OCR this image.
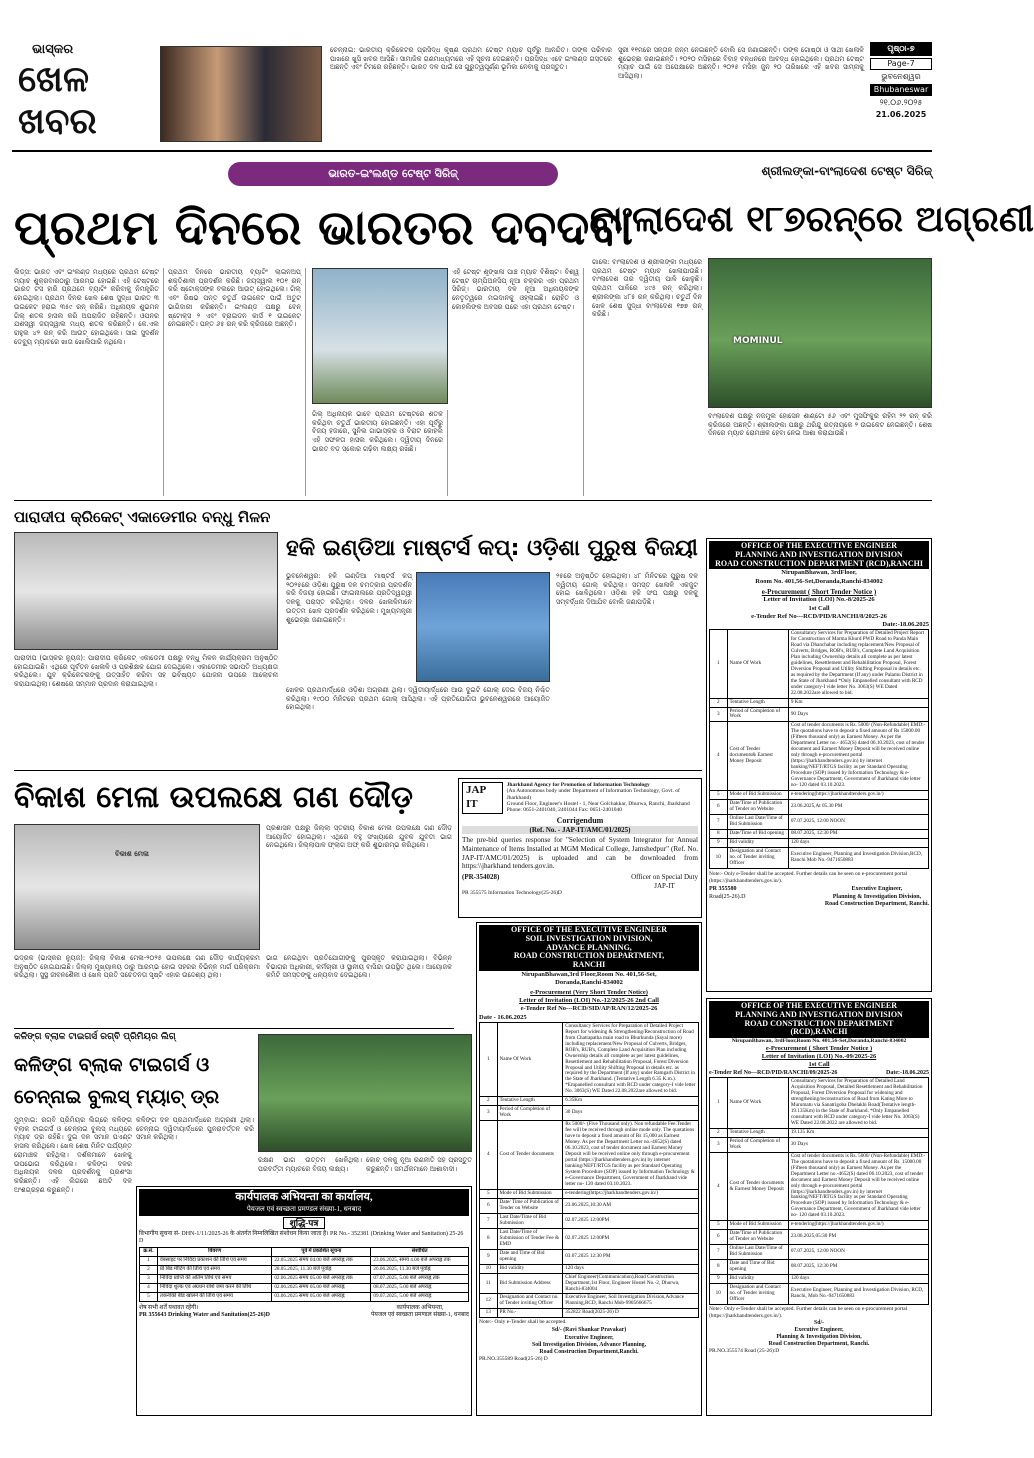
ଭାସ୍କର
ଖେଳ
ଖବର
ଚେନ୍ନାଇ: ଭାରତୀୟ କ୍ରିକେଟର ପ୍ରସିଦ୍ଧ କୃଷ୍ଣ ପ୍ରଥମ ଟେଷ୍ଟ ମ୍ୟାଚ ପୂର୍ବରୁ ଆନନ୍ଦିତ। ତାଙ୍କ ପରିବାର ପାଖରେ ଖୁସି ଖବର ଆସିଛି। ସାମାଜିକ ଗଣମାଧ୍ୟମରେ ଏହି ସୂଚନା ଦେଇଛନ୍ତି। ପ୍ରସିଦ୍ଧ ଏବେ ଇଂଲଣ୍ଡ ଗସ୍ତରେ ଅଛନ୍ତି ଏବଂ ଟିମରେ ରହିଛନ୍ତି। ଭାରତ ଦଳ ପାଇଁ ସେ ଗୁରୁତ୍ୱପୂର୍ଣ୍ଣ ଭୂମିକା ନେବାକୁ ପ୍ରସ୍ତୁତ।
ସ୍ତ୍ରୀ ୧୧ମରେ ସନ୍ତାନ ଜନ୍ମ ନେଇଛନ୍ତି ବୋଲି ସେ ଜଣାଇଛନ୍ତି। ତାଙ୍କ ଗୋଷ୍ଠୀ ଓ ସାଥୀ ଖେଳାଳି ଶୁଭେଚ୍ଛା ଜଣାଇଛନ୍ତି। ୨୦୨୦ ମସିହାରେ ବିବାହ ବନ୍ଧନରେ ଆବଦ୍ଧ ହୋଇଥିଲେ। ପ୍ରଥମ ଟେଷ୍ଟ ମ୍ୟାଚ ପାଇଁ ସେ ଅପେକ୍ଷାରେ ଅଛନ୍ତି। ୨୦୨୫ ମସିହା ଜୁନ ୨୦ ତାରିଖରେ ଏହି ଖବର ସାମ୍ନାକୁ ଆସିଥିଲା।
ପୃଷ୍ଠା-୭
Page-7
ଭୁବନେଶ୍ୱର
Bhubaneswar
୨୧.୦୬.୨୦୨୫
21.06.2025
ଭାରତ-ଇଂଲଣ୍ଡ ଟେଷ୍ଟ ସିରିଜ୍
ପ୍ରଥମ ଦିନରେ ଭାରତର ଦବଦବା
ଲିଡ୍ସ: ଭାରତ ଏବଂ ଇଂଲଣ୍ଡ ମଧ୍ୟରେ ପ୍ରଥମ ଟେଷ୍ଟ ମ୍ୟାଚ ଶୁକ୍ରବାରଠାରୁ ଆରମ୍ଭ ହୋଇଛି। ଏହି ଟେଷ୍ଟରେ ଭାରତ ଟସ ହାରି ପ୍ରଥମେ ବ୍ୟାଟିଂ କରିବାକୁ ନିମନ୍ତ୍ରିତ ହୋଇଥିଲା। ପ୍ରଥମ ଦିନର ଖେଳ ଶେଷ ସୁଦ୍ଧା ଭାରତ ୩ ଉଇକେଟ ହରାଇ ୩୫୯ ରନ୍ କରିଛି। ଅଧିନାୟକ ଶୁଭମନ ଗିଲ୍ ଶତକ ହାସଲ କରି ଅପରାଜିତ ରହିଛନ୍ତି। ଓପନର ଯଶସ୍ୱୀ ଜୟସ୍ୱାଲ ମଧ୍ୟ ଶତକ କରିଛନ୍ତି। କେ.ଏଲ ରାହୁଲ ୪୨ ରନ୍ କରି ଆଉଟ୍ ହୋଇଥିଲେ। ସାଇ ସୁଦର୍ଶନ ଡେବ୍ୟୁ ମ୍ୟାଚରେ ଖାତା ଖୋଲିପାରି ନଥିଲେ।
ପ୍ରଥମ ଦିନରେ ଭାରତୀୟ ବ୍ୟାଟିଂ ଲାଇନଅପ୍ ଶକ୍ତିଶାଳୀ ପ୍ରଦର୍ଶନ କରିଛି। ଜୟସ୍ୱାଲ ୧୦୧ ରନ୍ କରି ଷ୍ଟୋକ୍ସଙ୍କ ବଲରେ ଆଉଟ୍ ହୋଇଥିଲେ। ଗିଲ୍ ଏବଂ ରିଷଭ ପନ୍ତ ଚତୁର୍ଥ ଉଇକେଟ ପାଇଁ ଅତୁଟ ଭାଗିଦାରୀ କରିଛନ୍ତି। ଇଂଲଣ୍ଡ ପକ୍ଷରୁ ବେନ୍ ଷ୍ଟୋକ୍ସ ୨ ଏବଂ ବ୍ରାଇଡନ କାର୍ସ ୧ ଉଇକେଟ ନେଇଛନ୍ତି। ପନ୍ତ ୬୫ ରନ୍ କରି କ୍ରିଜରେ ଅଛନ୍ତି।
ଗିଲ୍ ଅଧିନାୟକ ଭାବେ ପ୍ରଥମ ଟେଷ୍ଟରେ ଶତକ କରିଥିବା ଚତୁର୍ଥ ଭାରତୀୟ ହୋଇଛନ୍ତି। ଏହା ପୂର୍ବରୁ ବିଜୟ ହଜାରେ, ସୁନିଲ ଗାଭାସ୍କର ଓ ବିରାଟ କୋହଲି ଏହି ସଫଳତା ହାସଲ କରିଥିଲେ। ଦ୍ୱିତୀୟ ଦିନରେ ଭାରତ ବଡ଼ ସ୍କୋର ଗଢ଼ିବା ଲକ୍ଷ୍ୟ ରଖିଛି।
ଏହି ଟେଷ୍ଟ ଶୃଙ୍ଖଳା ପାଞ୍ଚ ମ୍ୟାଚ ବିଶିଷ୍ଟ। ବିଶ୍ୱ ଟେଷ୍ଟ ଚାମ୍ପିଅନସିପ୍ ନୂଆ ଚକ୍ରର ଏହା ପ୍ରଥମ ସିରିଜ୍। ଭାରତୀୟ ଦଳ ନୂଆ ଅଧିନାୟକଙ୍କ ନେତୃତ୍ୱରେ ମଇଦାନକୁ ଓହ୍ଲାଇଛି। ରୋହିତ ଓ କୋହଲିଙ୍କ ଅବସର ପରେ ଏହା ପ୍ରଥମ ଟେଷ୍ଟ।
ଶ୍ରୀଲଙ୍କା-ବାଂଲାଦେଶ ଟେଷ୍ଟ ସିରିଜ୍
ବାଂଲାଦେଶ ୧୮୭ରନ୍‌ରେ ଅଗ୍ରଣୀ
ଗାଲେ: ବାଂଲାଦେଶ ଓ ଶ୍ରୀଲଙ୍କା ମଧ୍ୟରେ ପ୍ରଥମ ଟେଷ୍ଟ ମ୍ୟାଚ ଖେଳାଯାଉଛି। ବାଂଲାଦେଶ ତାର ଦ୍ୱିତୀୟ ପାଳି ଖେଳୁଛି। ପ୍ରଥମ ପାଳିରେ ୪୯୫ ରନ୍ କରିଥିଲା। ଶ୍ରୀଲଙ୍କା ୪୮୫ ରନ୍ କରିଥିଲା। ଚତୁର୍ଥ ଦିନ ଖେଳ ଶେଷ ସୁଦ୍ଧା ବାଂଲାଦେଶ ୧୭୭ ରନ୍ କରିଛି।
MOMINUL
ବାଂଲାଦେଶ ପକ୍ଷରୁ ନଜମୁଲ ହୋସେନ ଶାଣ୍ଟୋ ୫୬ ଏବଂ ମୁସଫିକୁର ରହିମ ୨୨ ରନ୍ କରି କ୍ରିଜରେ ଅଛନ୍ତି। ଶ୍ରୀଲଙ୍କା ପକ୍ଷରୁ ଥରିନ୍ଦୁ ରତ୍ନାୟକେ ୨ ଉଇକେଟ ନେଇଛନ୍ତି। ଶେଷ ଦିନରେ ମ୍ୟାଚ ରୋମାଞ୍ଚକ ହେବା ନେଇ ଆଶା କରାଯାଉଛି।
ପାରାଦୀପ କ୍ରିକେଟ୍ ଏକାଡେମୀର ବନ୍ଧୁ ମିଳନ
ପାରାଦୀପ (ଭାସ୍କର ନ୍ୟୁଜ): ପାରାଦୀପ କ୍ରିକେଟ୍ ଏକାଡେମୀ ପକ୍ଷରୁ ବନ୍ଧୁ ମିଳନ କାର୍ଯ୍ୟକ୍ରମ ଅନୁଷ୍ଠିତ ହୋଇଯାଇଛି। ଏଥିରେ ପୂର୍ବତନ ଖେଳାଳି ଓ ପ୍ରଶିକ୍ଷକ ଯୋଗ ଦେଇଥିଲେ। ଏକାଡେମୀର ସଭାପତି ଅଧ୍ୟକ୍ଷତା କରିଥିଲେ। ଯୁବ କ୍ରିକେଟରଙ୍କୁ ଉତ୍ସାହିତ କରିବା ସହ ଭବିଷ୍ୟତ ଯୋଜନା ଉପରେ ଆଲୋଚନା କରାଯାଇଥିଲା। ଶେଷରେ ସମ୍ମାନ ପ୍ରଦାନ କରାଯାଇଥିଲା।
ହକି ଇଣ୍ଡିଆ ମାଷ୍ଟର୍ସ କପ୍: ଓଡ଼ିଶା ପୁରୁଷ ବିଜୟୀ
ଭୁବନେଶ୍ୱର: ହକି ଇଣ୍ଡିଆ ମାଷ୍ଟର୍ସ କପ୍ ୨୦୨୫ରେ ଓଡ଼ିଶା ପୁରୁଷ ଦଳ ଚମତ୍କାର ପ୍ରଦର୍ଶନ କରି ବିଜୟୀ ହୋଇଛି। ଫାଇନାଲରେ ପ୍ରତିଦ୍ୱନ୍ଦ୍ୱୀ ଦଳକୁ ପରାସ୍ତ କରିଥିଲା। ଦଳର ଖେଳାଳିମାନେ ଉତ୍ତମ ଖେଳ ପ୍ରଦର୍ଶନ କରିଥିଲେ। ମୁଖ୍ୟମନ୍ତ୍ରୀ ଶୁଭେଚ୍ଛା ଜଣାଇଛନ୍ତି।
ଖେଳର ପ୍ରଥମାର୍ଦ୍ଧରେ ଓଡ଼ିଶା ଅଗ୍ରଣୀ ଥିଲା। ଦ୍ୱିତୀୟାର୍ଦ୍ଧରେ ଆଉ ଦୁଇଟି ଗୋଲ୍ ଦେଇ ବିଜୟ ନିଶ୍ଚିତ କରିଥିଲା। ୧୯୦୦ ମିନିଟରେ ପ୍ରଥମ ଗୋଲ୍ ଆସିଥିଲା। ଏହି ପ୍ରତିଯୋଗିତା ଭୁବନେଶ୍ୱରରେ ଆୟୋଜିତ ହୋଇଥିଲା।
୨୫ରେ ଅନୁଷ୍ଠିତ ହୋଇଥିଲା। ୪୮ ମିନିଟରେ ପୁରୁଷ ଦଳ ଦ୍ୱିତୀୟ ଗୋଲ୍ କରିଥିଲା। ସମସ୍ତ ଖେଳାଳି ଏକଜୁଟ ହୋଇ ଖେଳିଥିଲେ। ଓଡ଼ିଶା ହକି ସଂଘ ପକ୍ଷରୁ ଦଳକୁ ସମ୍ବର୍ଦ୍ଧନା ଦିଆଯିବ ବୋଲି ଜଣାପଡ଼ିଛି।
OFFICE OF THE EXECUTIVE ENGINEER
PLANNING AND INVESTIGATION DIVISION
ROAD CONSTRUCTION DEPARTMENT (RCD),RANCHI
NirupanBhawan, 3rdFloor,
Room No. 401,56-Set,Doranda,Ranchi-834002
e-Procurement ( Short Tender Notice )
Letter of Invitation (LOI) No.-8/2025-26
1st Call
e-Tender Ref No---RCD/PID/RANCHI/8/2025-26
Date:-18.06.2025
1	Name Of Work	Consultancy Services for Preparation of Detailed Project Report for Construction of Marma Khurd PWD Road to Panda Main Road via Dhanchabar including replacement/New Proposal of Culverts, Bridges, ROB's, RUB's, Complete Land Acquisition Plan including Ownership details all complete as per latest guidelines, Resettlement and Rehabilitation Proposal, Forest Diversion Proposal and Utility Shifting Proposal in details etc. as required by the Department (If any) under Palamu District in the State of Jharkhand *Only Empanelled consultant with RCD under category-I vide letter No. 3063(S) WE Dated 22.08.2022are allowed to bid.
2	Tentative Length	9 Km
3	Period of Completion of Work	90 Days
4	Cost of Tender documents& Earnest Money Deposit	Cost of tender documents is Rs. 5000/ (Non-Refundable) EMD:- The quotations have to deposit a fixed amount of Rs 15000.00 (Fifteen thousand only) as Earnest Money. As per the Department Letter no.- 4652(S) dated 06.10.2023, cost of tender document and Earnest Money Deposit will be received online only through e-procurement portal (https://jharkhandtenders.gov.in) by internet banking/NEFT/RTGS facility as per Standard Operating Procedure (SOP) issued by Information Technology & e-Governance Department, Government of Jharkhand vide letter no- 120 dated 03.10.2023.
5	Mode of Bid Submission	e-tendering(https://jharkhandtenders.gov.in/)
6	Date/Time of Publication of Tender on Website	23.06.2025,At 05.30 PM
7	Online Last Date/Time of Bid Submission	07.07.2025, 12:00 NOON
8	Date/Time of Bid opening	08.07.2025, 12:30 PM
9	Bid validity	120 days
10	Designation and Contact no. of Tender inviting Officer	Executive Engineer, Planning and Investigation Division,RCD, Ranchi Mob No.-9471650883
Note:- Only e-Tender shall be accepted. Further details can be seen on e-procurement portal (https://jharkhandtenders.gov.in/).
PR 355580
Road(25-26).D
Executive Engineer,
Planning & Investigation Division,
Road Construction Department, Ranchi.
ବିକାଶ ମେଳା ଉପଲକ୍ଷେ ଗଣ ଦୌଡ଼
ବିକାଶ ମେଳା
ପ୍ରଶାସନ ପକ୍ଷରୁ ଜିଲ୍ଲା ସ୍ତରୀୟ ବିକାଶ ମେଳା ଉପଲକ୍ଷେ ଗଣ ଦୌଡ଼ ଆୟୋଜିତ ହୋଇଥିଲା। ଏଥିରେ ବହୁ ସଂଖ୍ୟାରେ ଯୁବକ ଯୁବତୀ ଭାଗ ନେଇଥିଲେ। ଜିଲ୍ଲାପାଳ ଫ୍ଲାଗ ଅଫ୍ କରି ଶୁଭାରମ୍ଭ କରିଥିଲେ।
ଭଦ୍ରକ (ଭାସ୍କର ନ୍ୟୁଜ): ଜିଲ୍ଲା ବିକାଶ ମେଳା-୨୦୨୫ ଉପଲକ୍ଷେ ଗଣ ଦୌଡ଼ କାର୍ଯ୍ୟକ୍ରମ ଅନୁଷ୍ଠିତ ହୋଇଯାଇଛି। ଜିଲ୍ଲା ମୁଖ୍ୟାଳୟ ଠାରୁ ଆରମ୍ଭ ହୋଇ ସହରର ବିଭିନ୍ନ ମାର୍ଗ ପରିକ୍ରମା କରିଥିଲା। ସୁସ୍ଥ ଜୀବନଶୈଳୀ ଓ ଖେଳ ପ୍ରତି ସଚେତନତା ସୃଷ୍ଟି ଏହାର ଉଦ୍ଦେଶ୍ୟ ଥିଲା।
ଭାଗ ନେଇଥିବା ପ୍ରତିଯୋଗୀଙ୍କୁ ପୁରସ୍କୃତ କରାଯାଇଥିଲା। ବିଭିନ୍ନ ବିଭାଗର ଅଧିକାରୀ, କର୍ମଚାରୀ ଓ ସ୍ଥାନୀୟ ବାସିନ୍ଦା ଉପସ୍ଥିତ ଥିଲେ। ଆୟୋଜକ କମିଟି ସମସ୍ତଙ୍କୁ ଧନ୍ୟବାଦ ଦେଇଥିଲେ।
JAP IT
Jharkhand Agency for Promotion of Information Technology
(An Autonomous body under Department of Information Technology, Govt. of Jharkhand)
Ground Floor, Engineer's Hostel - 1, Near Golchakkar, Dhurwa, Ranchi, Jharkhand
Phone: 0651-2401040, 2401044 Fax: 0651-2401040
Corrigendum
(Ref. No. - JAP-IT/AMC/01/2025)
The pre-bid queries response for "Selection of System Integrator for Annual Maintenance of Items Installed at MGM Medical College, Jamshedpur" (Ref. No. JAP-IT/AMC/01/2025) is uploaded and can be downloaded from https:\\jharkhand tenders.gov.in.
(PR-354028)	Officer on Special Duty
JAP-IT
PR 355575 Information Technology(25-26)D
OFFICE OF THE EXECUTIVE ENGINEER
SOIL INVESTIGATION DIVISION,
ADVANCE PLANNING,
ROAD CONSTRUCTION DEPARTMENT,
RANCHI
NirupanBhawan,3rd Floor,Room No. 401,56-Set,
Doranda,Ranchi-834002
e-Procurement (Very Short Tender Notice)
Letter of Invitation (LOI) No.-12/2025-26 2nd Call
e-Tender Ref No---RCD/SID/AP/RAN/12/2025-26
Date - 16.06.2025
1	Name Of Work	Consultancy Services for Preparation of Detailed Project Report for widening & Strengthening/Reconstruction of Road from Chatrapatha main road to Bhurkunda (Sayal more) including replacement/New Proposal of Culverts, Bridges, ROB's, RUB's, Complete Land Acquisition Plan including Ownership details all complete as per latest guidelines, Resettlement and Rehabilitation Proposal, Forest Diversion Proposal and Utility Shifting Proposal in details etc. as required by the Department (If any) under Ramgarh District in the State of Jharkhand. (Tentative Length 6.35 K.m.). *Empanelled consultant with RCD under category-I vide letter No. 3063(S) WE Dated 22.08.2022are allowed to bid.
2	Tentative Length	6.35Km
3	Period of Completion of Work	30 Days
4	Cost of Tender documents	Rs 5000/- (Five Thousand only). Non refundable Fee.Tender fee will be received through online mode only. The quotations have to deposit a fixed amount of Rs 15,000 as Earnest Money. As per the Department Letter no.-4652(S) dated 06.10.2023, cost of tender document and Earnest Money Deposit will be received online only through e-procurement portal (https://jharkhandtenders.gov.in) by internet banking/NEFT/RTGS facility as per Standard Operating System Procedure (SOP) issued by Information Technology & e-Governance Department, Government of Jharkhand vide letter no- 120 dated 03.10.2023.
5	Mode of Bid Submission	e-tendering(https://jharkhandtenders.gov.in/)
6	Date/ Time of Publication of Tender on Website	23.06.2025,10:30 AM
7	Last Date/Time of Bid Submission	02.07.2025 12:00PM
8	Last Date/Time of Submission of Tender Fee & EMD	02.07.2025 12:00PM
9	Date and Time of Bid opening	03.07.2025 12:30 PM
10	Bid validity	120 days
11	Bid Submission Address	Chief Engineer(Communication),Road Construction Department,1st Floor, Engineer Hostel No.-2, Dhurwa, Ranchi-834004
12	Designation and Contact no. of Tender inviting Officer	Executive Engineer, Soil Investigation Division,Advance Planning,RCD, Ranchi Mob-9905666675
13	PR No.-	352822 Road(2025-26) D
Note:- Only e-Tender shall be accepted.
Sd/- (Ravi Shankar Pravakar)
Executive Engineer,
Soil Investigation Division, Advance Planning,
Road Construction Department,Ranchi.
PR.NO.355589 Road(25-26) D
OFFICE OF THE EXECUTIVE ENGINEER
PLANNING AND INVESTIGATION DIVISION
ROAD CONSTRUCTION DEPARTMENT
(RCD),RANCHI
NirupanBhawan, 3rdFloor,Room No. 401,56-Set,Doranda,Ranchi-834002
e-Procurement ( Short Tender Notice )
Letter of Invitation (LOI) No.-09/2025-26
1st Call
e-Tender Ref No---RCD/PID/RANCHI/09/2025-26	Date:-18.06.2025
1	Name Of Work	Consultancy Services for Preparation of Detailed Land Acquisition Proposal, Detailed Resettlement and Rehabilitation Proposal, Forest Diversion Proposal for widening and strengthening/reconstruction of Road from Kating More to Murumatu via Sanatrigoba Dhelakhi Road(Tentative length-19.135Km) in the State of Jharkhand. *Only Empanelled consultant with RCD under category-I vide letter No. 3063(S) WE Dated 22.08.2022 are allowed to bid.
2	Tentative Length	19.135 Km
3	Period of Completion of Work	30 Days
4	Cost of Tender documents & Earnest Money Deposit	Cost of tender documents is Rs. 5000/ (Non-Refundable) EMD:- The quotations have to deposit a fixed amount of Rs. 15000.00 (Fifteen thousand only) as Earnest Money. As per the Department Letter no.-4652(S) dated 06.10.2023, cost of tender document and Earnest Money Deposit will be received online only through e-procurement portal (https://jharkhandtenders.gov.in) by internet banking/NEFT/RTGS facility as per Standard Operating Procedure (SOP) issued by Information Technology & e-Governance Department, Government of Jharkhand vide letter no- 120 dated 03.10.2023.
5	Mode of Bid Submission	e-tendering(https://jharkhandtenders.gov.in/)
6	Date/Time of Publication of Tender on Website	23.06.2025,05:30 PM
7	Online Last Date/Time of Bid Submission	07.07.2025, 12:00 NOON
8	Date and Time of Bid opening	08.07.2025, 12:30 PM
9	Bid validity	120 days
10	Designation and Contact no. of Tender inviting Officer	Executive Engineer, Planning and Investigation Division, RCD, Ranchi, Mob No.-9471650883
Note:- Only e-Tender shall be accepted. Further details can be seen on e-procurement portal (https://jharkhandtenders.gov.in/).
Sd/-
Executive Engineer,
Planning & Investigation Division,
Road Construction Department, Ranchi.
PR.NO.355574 Road (25-26):D
କଳିଙ୍ଗ ବ୍ଲାକ ଟାଇଗର୍ସ ରଗ୍‌ବି ପ୍ରିମିୟର ଲିଗ୍
କଳିଙ୍ଗ ବ୍ଲାକ ଟାଇଗର୍ସ ଓ
ଚେନ୍ନାଇ ବୁଲସ୍ ମ୍ୟାଚ୍ ଡ୍ର
ମୁମ୍ବାଇ: ରଗ୍‌ବି ପ୍ରିମିୟର ଲିଗ୍‌ରେ କଳିଙ୍ଗ ବ୍ଲାକ ଟାଇଗର୍ସ ଓ ଚେନ୍ନାଇ ବୁଲସ୍ ମଧ୍ୟରେ ମ୍ୟାଚ ଡ୍ର ରହିଛି। ଦୁଇ ଦଳ ସମାନ ପଏଣ୍ଟ ହାସଲ କରିଥିଲେ। ଖେଳ ଶେଷ ମିନିଟ ପର୍ଯ୍ୟନ୍ତ ରୋମାଞ୍ଚକ ରହିଥିଲା। ଦର୍ଶକମାନେ ଖେଳକୁ ଉପଭୋଗ କରିଥିଲେ। କଳିଙ୍ଗ ଦଳର ଅଧିନାୟକ ଦଳର ପ୍ରଦର୍ଶନକୁ ପ୍ରଶଂସା କରିଛନ୍ତି। ଏହି ଲିଗରେ ଛଅଟି ଦଳ ଅଂଶଗ୍ରହଣ କରୁଛନ୍ତି।
କଳିଙ୍ଗ ଦଳ ପ୍ରଥମାର୍ଦ୍ଧରେ ଅଗ୍ରଣୀ ଥିଲା। ଚେନ୍ନାଇ ଦ୍ୱିତୀୟାର୍ଦ୍ଧରେ ପୁନରାବର୍ତ୍ତନ କରି ସମାନ କରିଥିଲା।
ରକ୍ଷଣ ଭାଗ ଉତ୍ତମ ଖେଳିଥିଲା। ପରବର୍ତ୍ତୀ ମ୍ୟାଚରେ ବିଜୟ ଲକ୍ଷ୍ୟ।
କୋଚ୍ ଦଳକୁ ନୂଆ ରଣନୀତି ସହ ପ୍ରସ୍ତୁତ କରୁଛନ୍ତି। ସମର୍ଥକମାନେ ଆଶାବାଦୀ।
कार्यपालक अभियन्ता का कार्यालय,
पेयजल एवं स्वच्छता प्रमण्डल संख्या-1, धनबाद
शुद्धि-पत्र
विभागीय सूचना सं- DHN-1/11/2025-26 के अंतर्गत निम्नलिखित संशोधन किया जाता है। PR No.- 352381 (Drinking Water and Sanitation) 25-26 D
क्र.सं.	विवरण	पूर्व में प्रकाशित सूचना	संशोधित
1	वेबसाइट पर निविदा प्रकाशन की तिथि एवं समय	22.05.2025 समय 04.00 बजे अपराह्न तक	23.06.2025, समय 4.00 बजे अपराह्न तक
2	प्री बिड मीटिंग की तिथि एवं समय	28.05.2025, 11.30 बजे पूर्वाह्न	26.06.2025, 11.30 बजे पूर्वाह्न
3	निविदा प्राप्ति की अंतिम तिथि एवं समय	02.06.2025 समय 05.00 बजे अपराह्न तक	07.07.2025, 5.00 बजे अपराह्न तक
4	निविदा शुल्क एवं अग्रधन राशि जमा करने की तिथि	02.06.2025 समय 05.00 बजे अपराह्न	08.07.2025, 5.00 बजे अपराह्न
5	तकनीकी बीड खोलने की तिथि एवं समय	03.06.2025 समय 05.00 बजे अपराह्न	09.07.2025, 5.00 बजे अपराह्न
शेष सभी शर्तें यथावत रहेंगी।
PR 355643 Drinking Water and Sanitation(25-26)D
कार्यपालक अभियन्ता,
पेयजल एवं स्वच्छता प्रमण्डल संख्या-1, धनबाद
